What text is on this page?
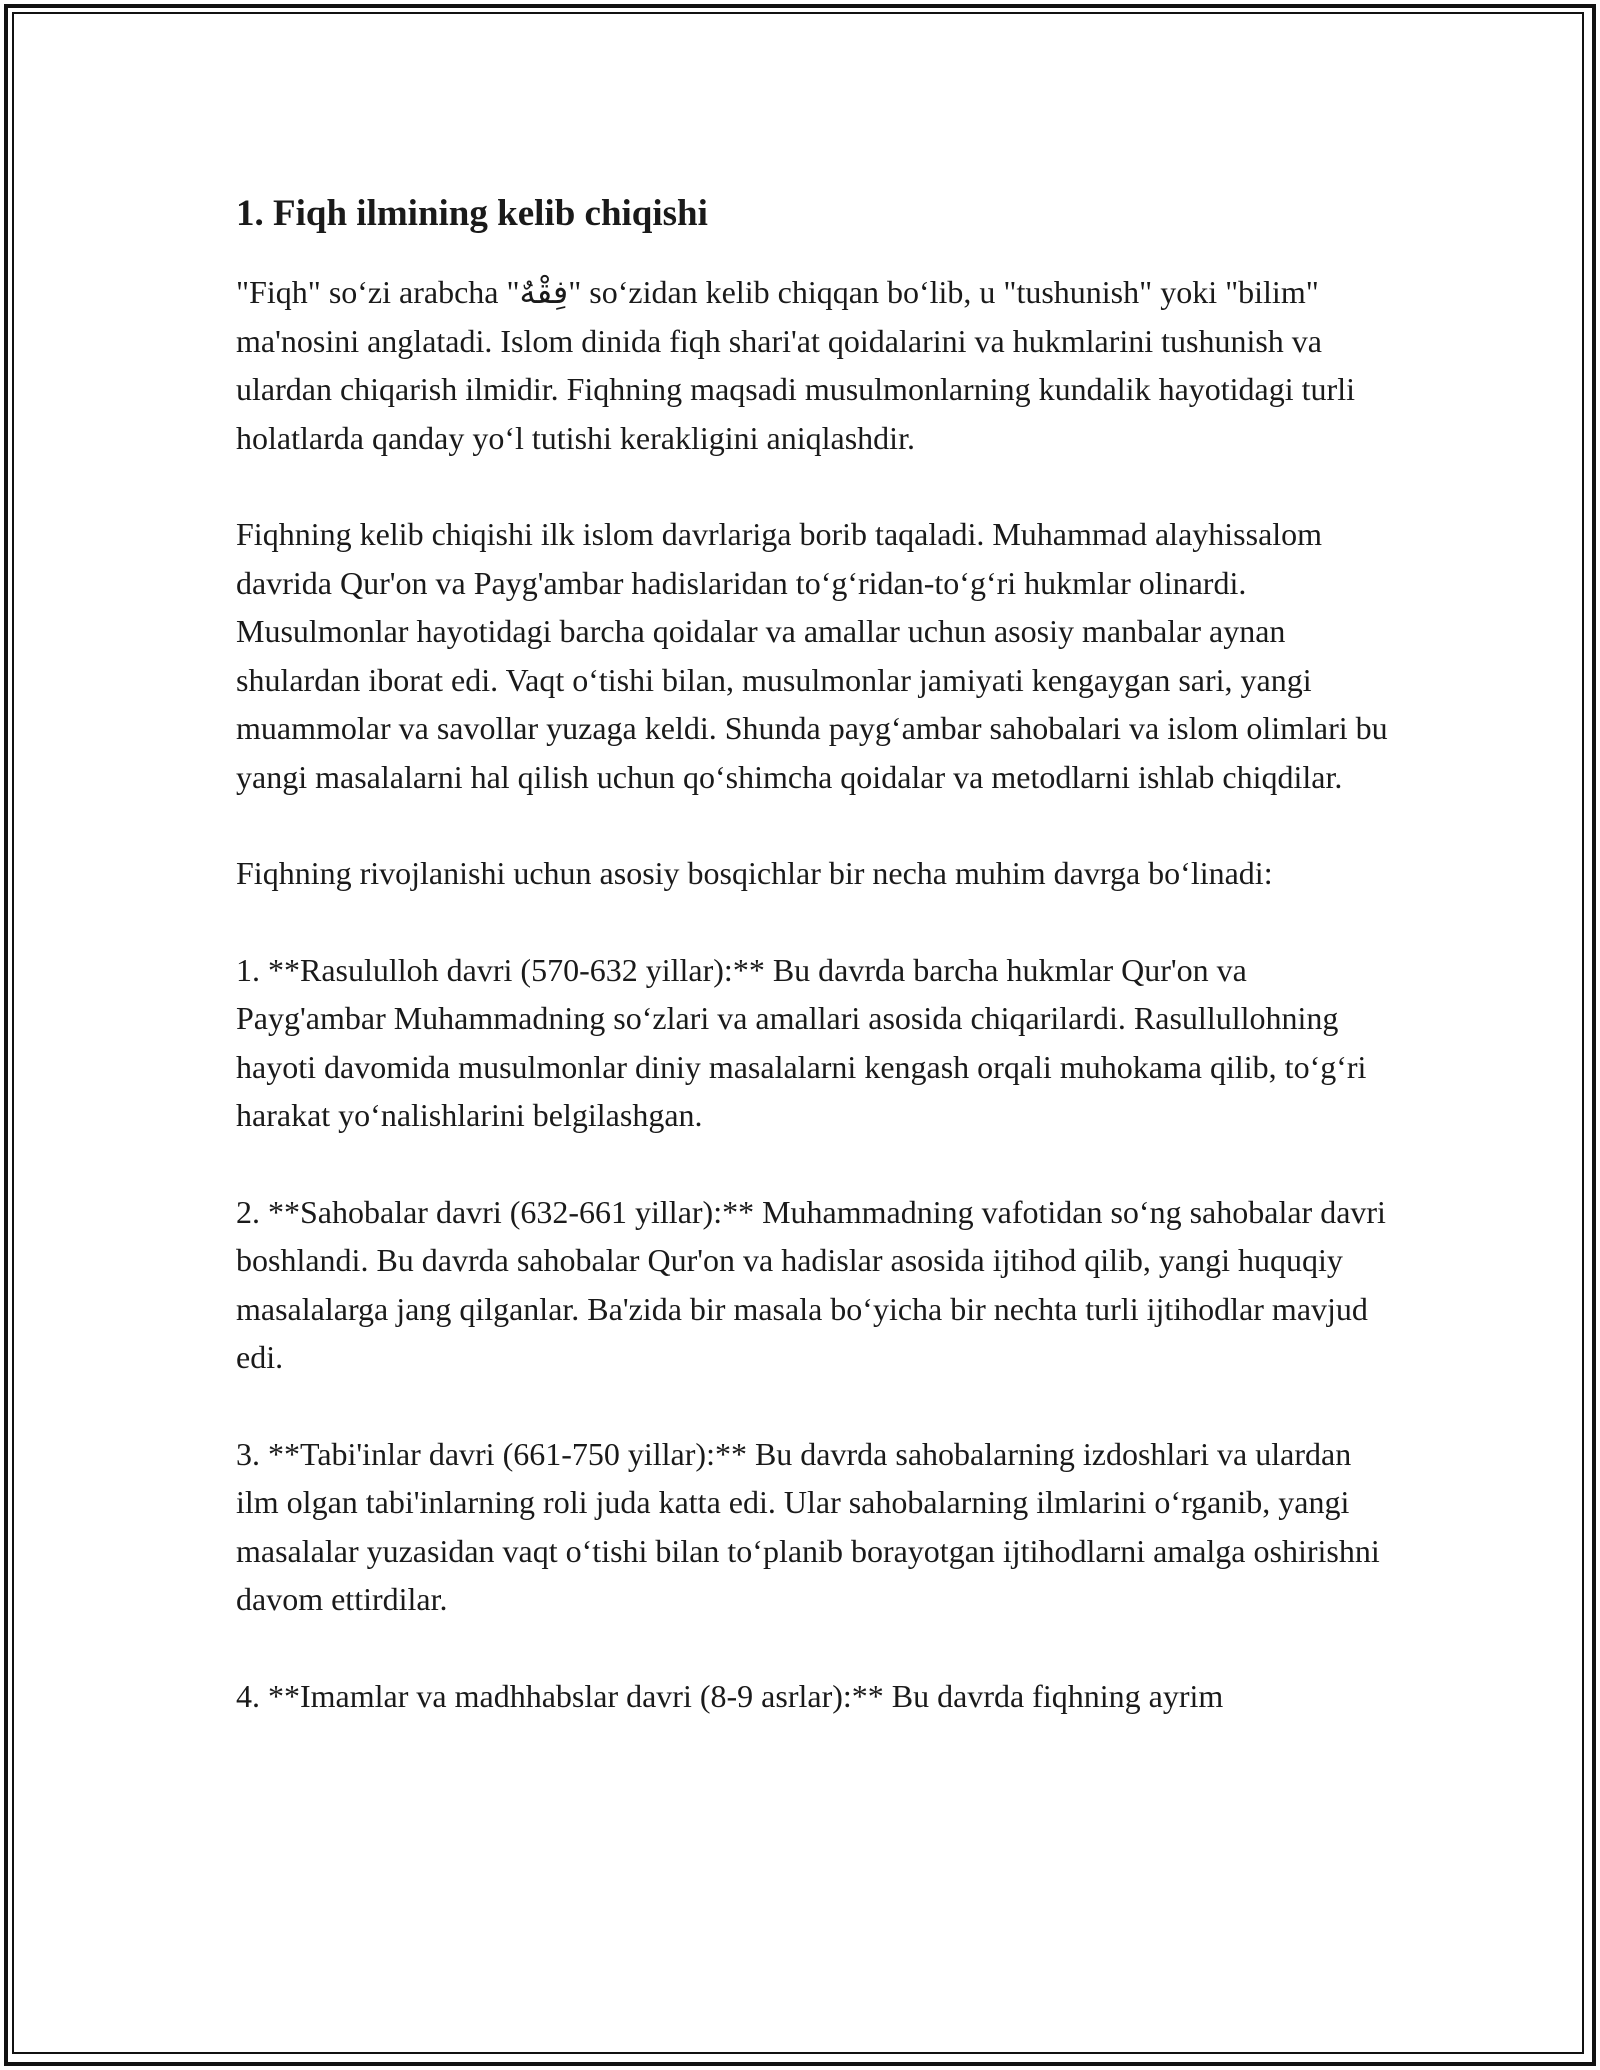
1. Fiqh ilmining kelib chiqishi

"Fiqh" so‘zi arabcha "فِقْهٌ" so‘zidan kelib chiqqan bo‘lib, u "tushunish" yoki "bilim" ma'nosini anglatadi. Islom dinida fiqh shari'at qoidalarini va hukmlarini tushunish va ulardan chiqarish ilmidir. Fiqhning maqsadi musulmonlarning kundalik hayotidagi turli holatlarda qanday yo‘l tutishi kerakligini aniqlashdir.

Fiqhning kelib chiqishi ilk islom davrlariga borib taqaladi. Muhammad alayhissalom davrida Qur'on va Payg'ambar hadislaridan to‘g‘ridan-to‘g‘ri hukmlar olinardi. Musulmonlar hayotidagi barcha qoidalar va amallar uchun asosiy manbalar aynan shulardan iborat edi. Vaqt o‘tishi bilan, musulmonlar jamiyati kengaygan sari, yangi muammolar va savollar yuzaga keldi. Shunda payg‘ambar sahobalari va islom olimlari bu yangi masalalarni hal qilish uchun qo‘shimcha qoidalar va metodlarni ishlab chiqdilar.

Fiqhning rivojlanishi uchun asosiy bosqichlar bir necha muhim davrga bo‘linadi:

1. **Rasululloh davri (570-632 yillar):** Bu davrda barcha hukmlar Qur'on va Payg'ambar Muhammadning so‘zlari va amallari asosida chiqarilardi. Rasullullohning hayoti davomida musulmonlar diniy masalalarni kengash orqali muhokama qilib, to‘g‘ri harakat yo‘nalishlarini belgilashgan.

2. **Sahobalar davri (632-661 yillar):** Muhammadning vafotidan so‘ng sahobalar davri boshlandi. Bu davrda sahobalar Qur'on va hadislar asosida ijtihod qilib, yangi huquqiy masalalarga jang qilganlar. Ba'zida bir masala bo‘yicha bir nechta turli ijtihodlar mavjud edi.

3. **Tabi'inlar davri (661-750 yillar):** Bu davrda sahobalarning izdoshlari va ulardan ilm olgan tabi'inlarning roli juda katta edi. Ular sahobalarning ilmlarini o‘rganib, yangi masalalar yuzasidan vaqt o‘tishi bilan to‘planib borayotgan ijtihodlarni amalga oshirishni davom ettirdilar.

4. **Imamlar va madhhabslar davri (8-9 asrlar):** Bu davrda fiqhning ayrim
